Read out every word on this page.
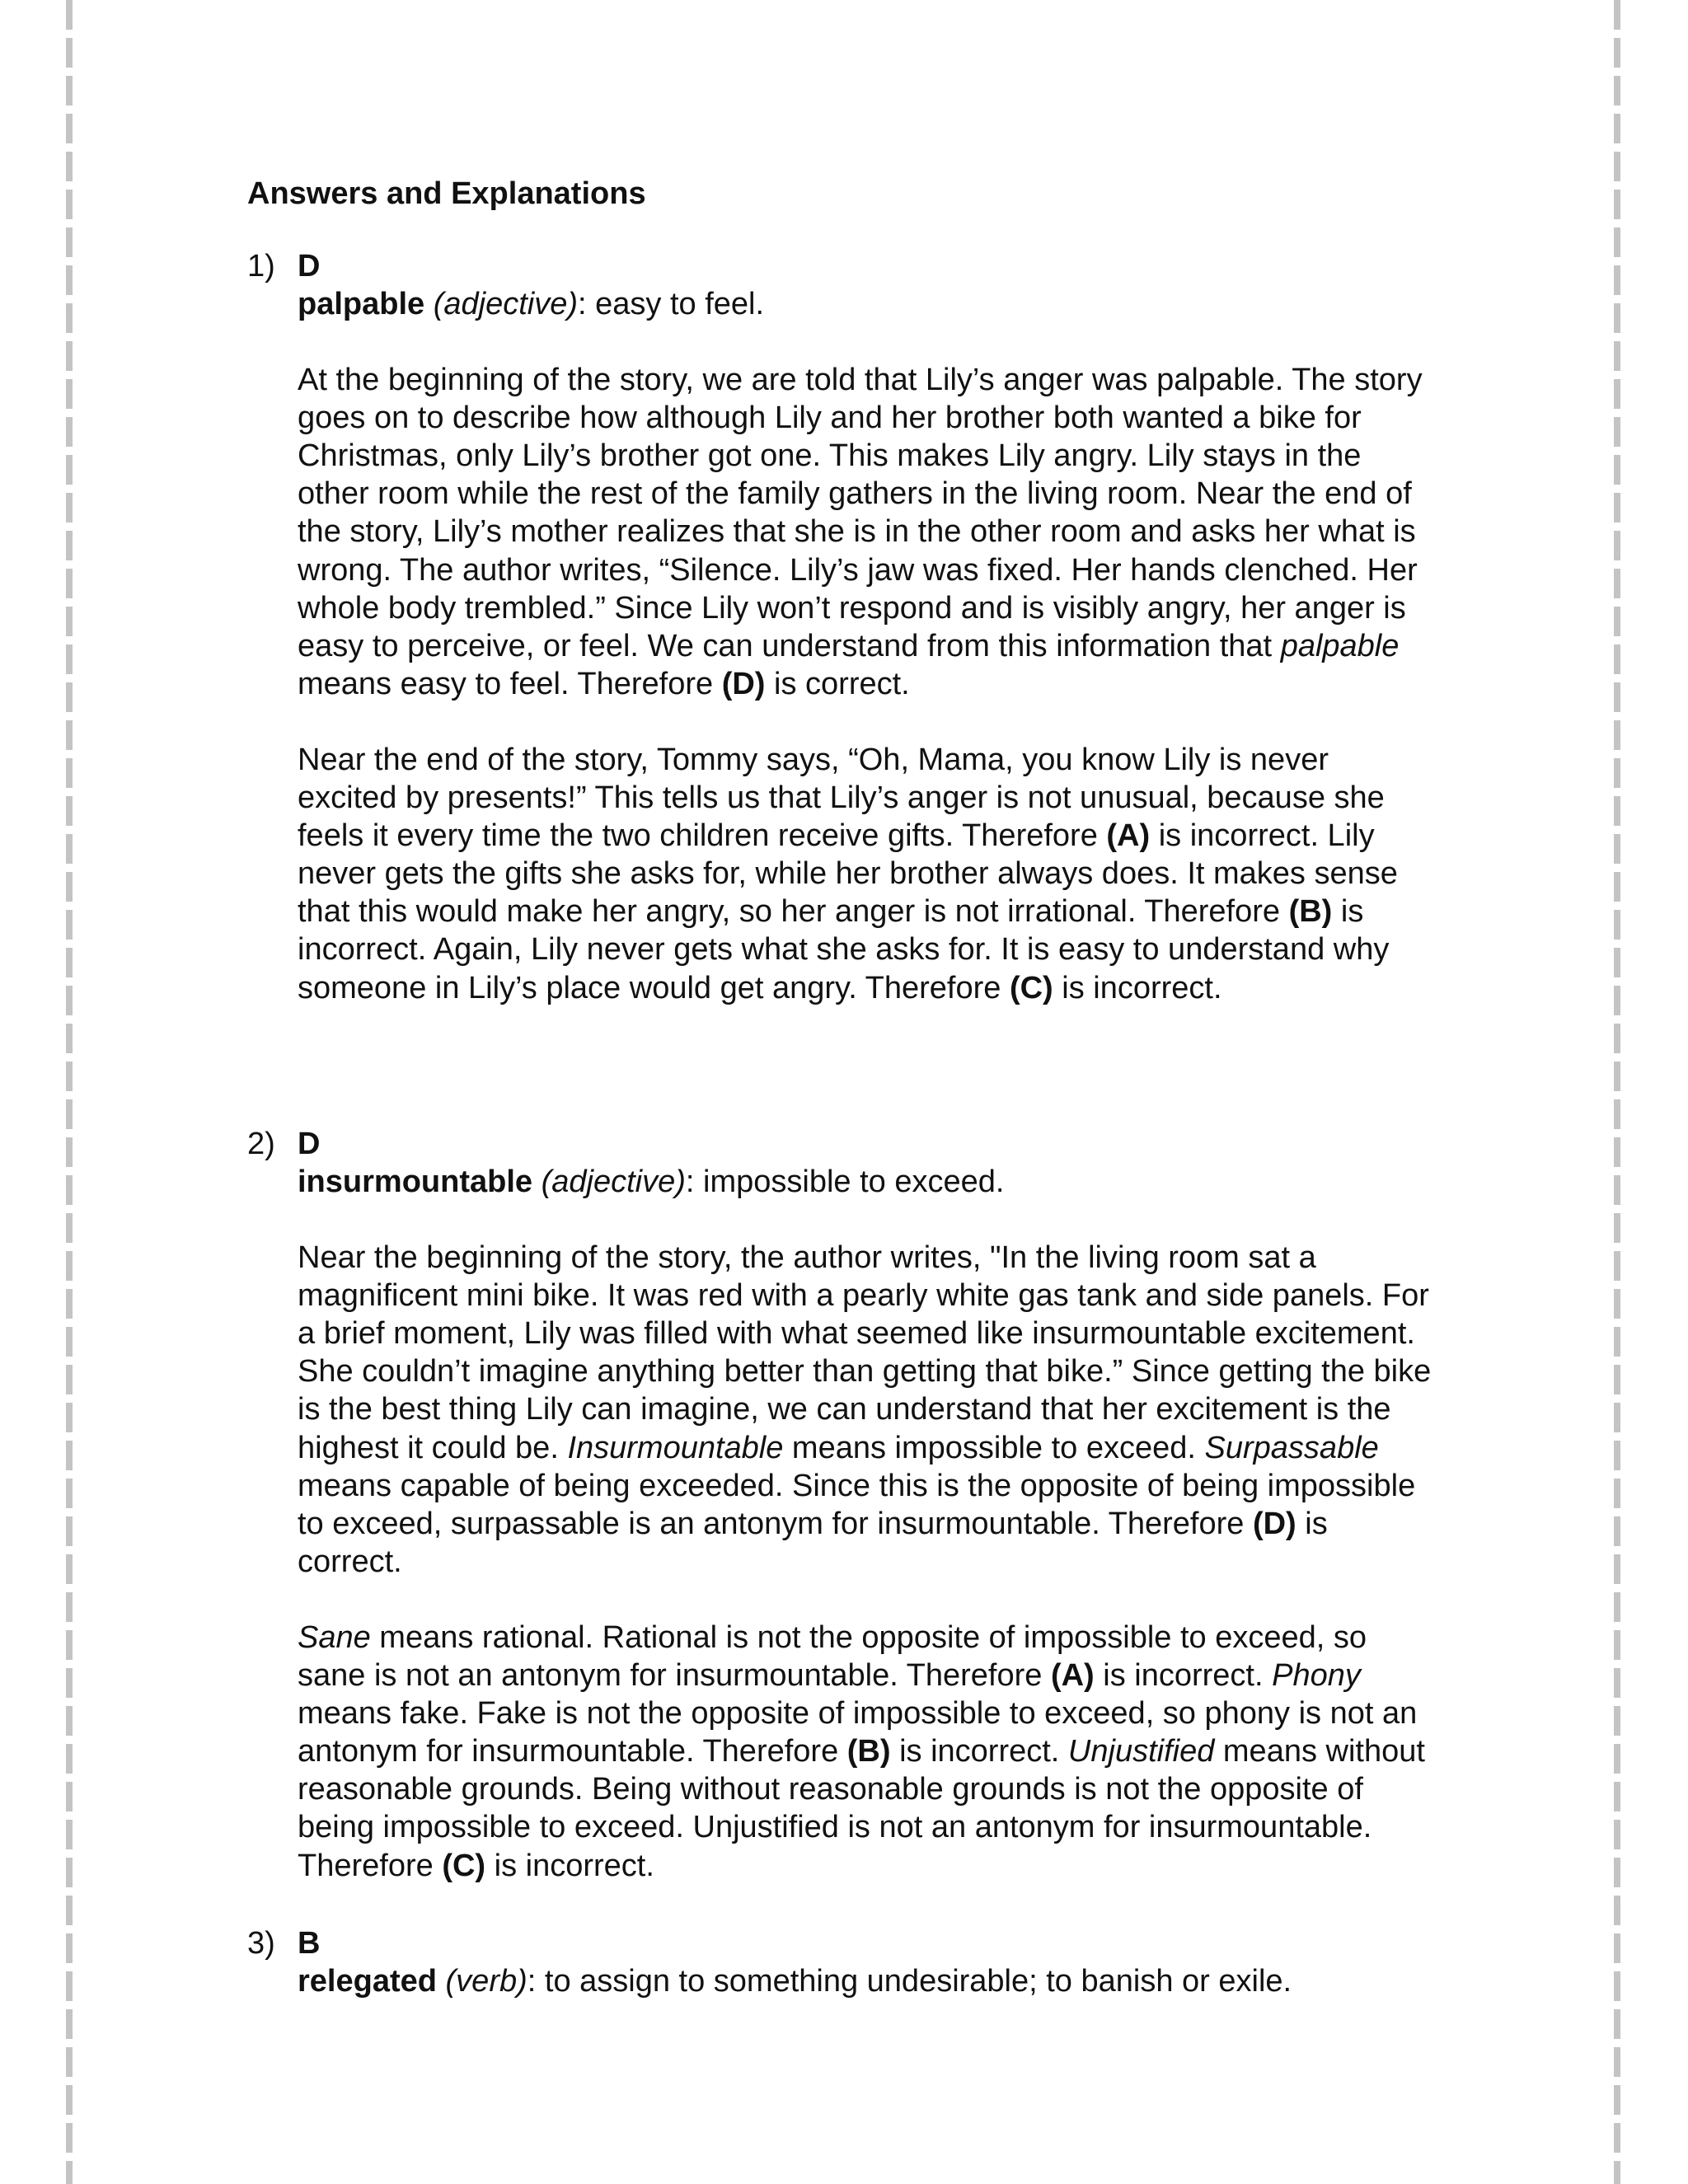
Answers and Explanations
1) D

palpable (adjective): easy to feel.

At the beginning of the story, we are told that Lily’s anger was palpable. The story goes on to describe how although Lily and her brother both wanted a bike for Christmas, only Lily’s brother got one. This makes Lily angry. Lily stays in the other room while the rest of the family gathers in the living room. Near the end of the story, Lily’s mother realizes that she is in the other room and asks her what is wrong. The author writes, “Silence. Lily’s jaw was fixed. Her hands clenched. Her whole body trembled.” Since Lily won’t respond and is visibly angry, her anger is easy to perceive, or feel. We can understand from this information that palpable means easy to feel. Therefore (D) is correct.

Near the end of the story, Tommy says, “Oh, Mama, you know Lily is never excited by presents!” This tells us that Lily’s anger is not unusual, because she feels it every time the two children receive gifts. Therefore (A) is incorrect. Lily never gets the gifts she asks for, while her brother always does. It makes sense that this would make her angry, so her anger is not irrational. Therefore (B) is incorrect. Again, Lily never gets what she asks for. It is easy to understand why someone in Lily’s place would get angry. Therefore (C) is incorrect.

2) D

insurmountable (adjective): impossible to exceed.

Near the beginning of the story, the author writes, "In the living room sat a magnificent mini bike. It was red with a pearly white gas tank and side panels. For a brief moment, Lily was filled with what seemed like insurmountable excitement. She couldn’t imagine anything better than getting that bike.” Since getting the bike is the best thing Lily can imagine, we can understand that her excitement is the highest it could be. Insurmountable means impossible to exceed. Surpassable means capable of being exceeded. Since this is the opposite of being impossible to exceed, surpassable is an antonym for insurmountable. Therefore (D) is correct.

Sane means rational. Rational is not the opposite of impossible to exceed, so sane is not an antonym for insurmountable. Therefore (A) is incorrect. Phony means fake. Fake is not the opposite of impossible to exceed, so phony is not an antonym for insurmountable. Therefore (B) is incorrect. Unjustified means without reasonable grounds. Being without reasonable grounds is not the opposite of being impossible to exceed. Unjustified is not an antonym for insurmountable. Therefore (C) is incorrect.

3) B

relegated (verb): to assign to something undesirable; to banish or exile.
